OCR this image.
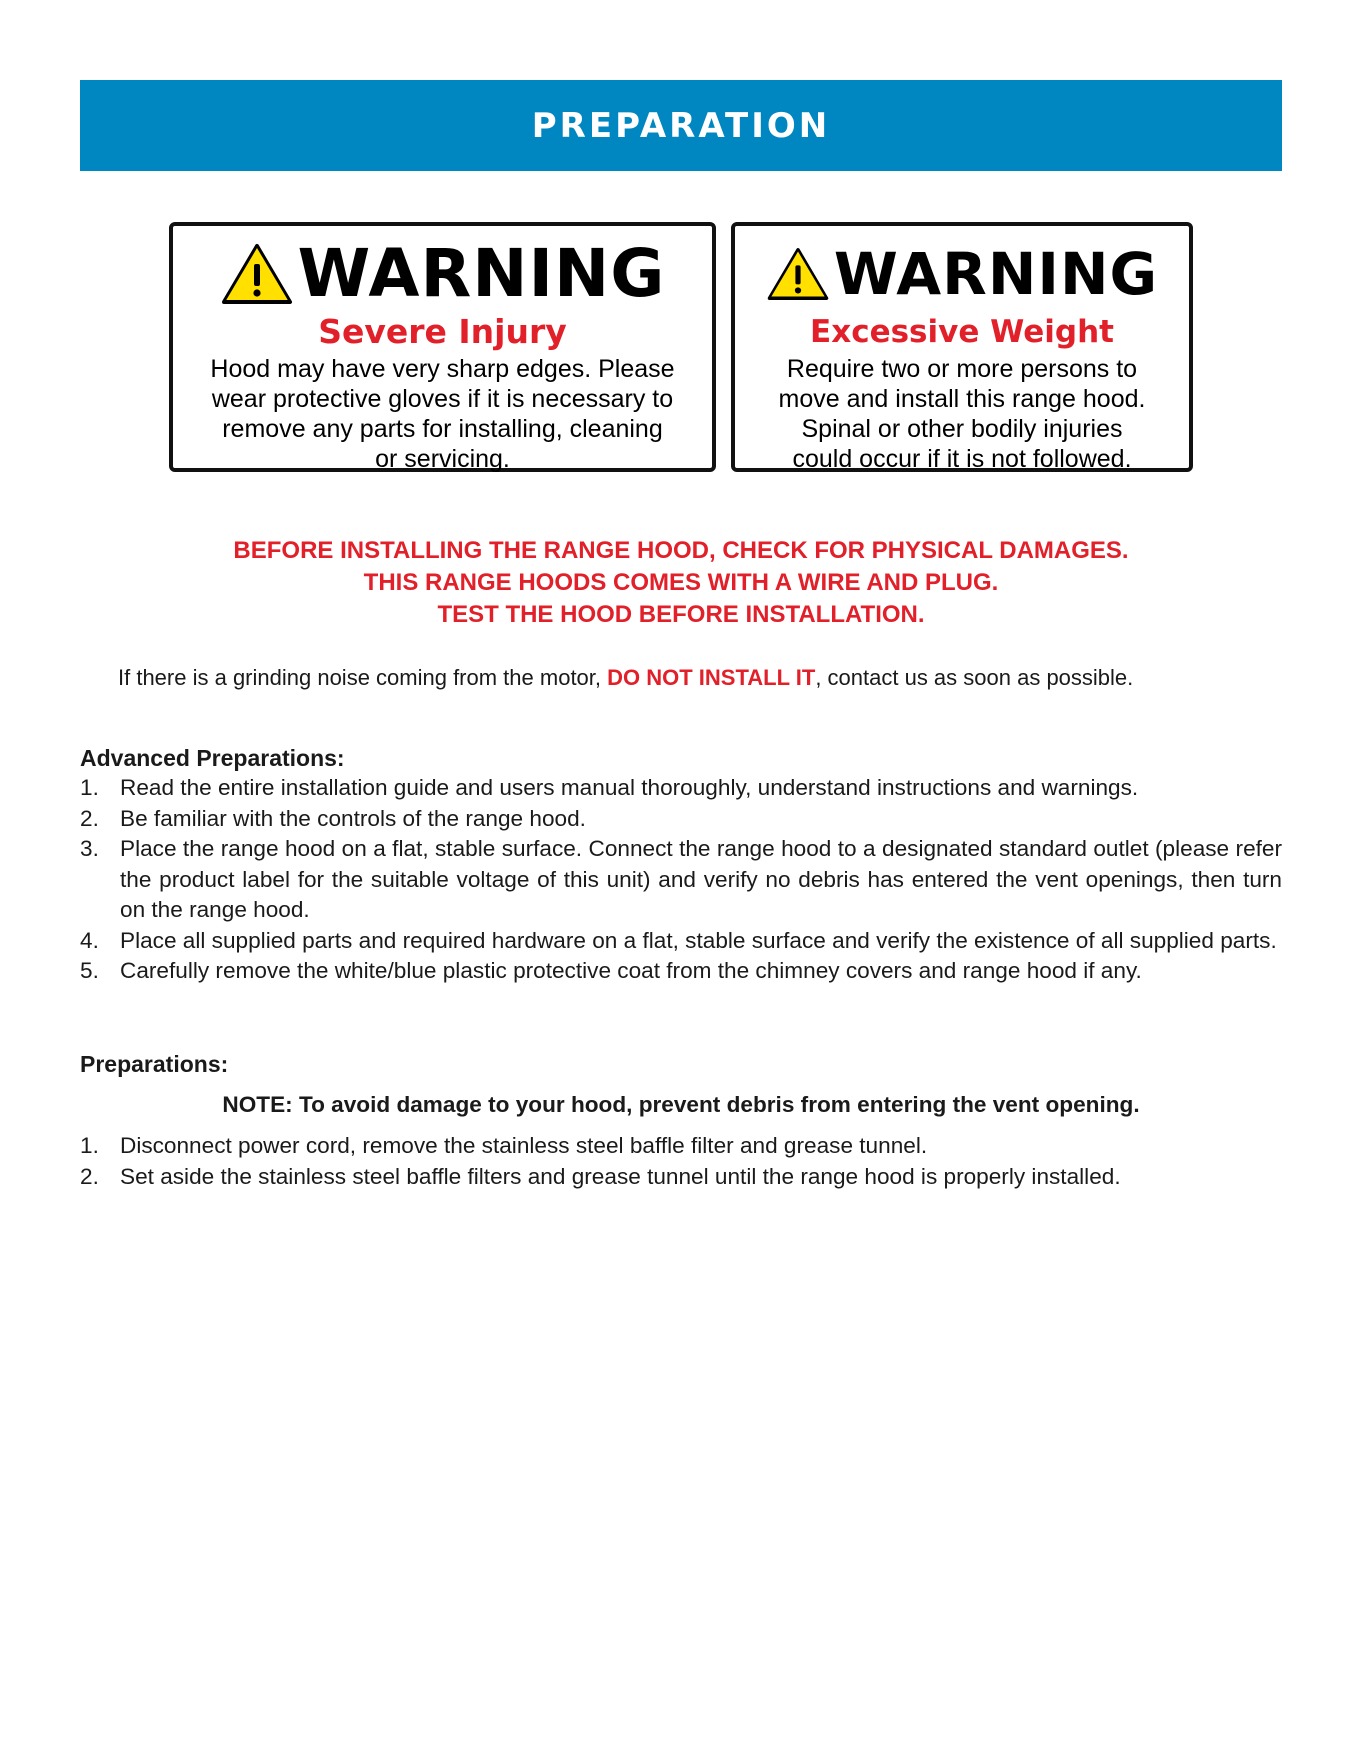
PREPARATION
WARNING
Severe Injury
Hood may have very sharp edges. Please
wear protective gloves if it is necessary to
remove any parts for installing, cleaning
or servicing.
WARNING
Excessive Weight
Require two or more persons to
move and install this range hood.
Spinal or other bodily injuries
could occur if it is not followed.
BEFORE INSTALLING THE RANGE HOOD, CHECK FOR PHYSICAL DAMAGES.
THIS RANGE HOODS COMES WITH A WIRE AND PLUG.
TEST THE HOOD BEFORE INSTALLATION.
If there is a grinding noise coming from the motor, DO NOT INSTALL IT, contact us as soon as possible.
Advanced Preparations:
1. Read the entire installation guide and users manual thoroughly, understand instructions and warnings.
2. Be familiar with the controls of the range hood.
3. Place the range hood on a flat, stable surface. Connect the range hood to a designated standard outlet (please refer the product label for the suitable voltage of this unit) and verify no debris has entered the vent openings, then turn on the range hood.
4. Place all supplied parts and required hardware on a flat, stable surface and verify the existence of all supplied parts.
5. Carefully remove the white/blue plastic protective coat from the chimney covers and range hood if any.
Preparations:
NOTE: To avoid damage to your hood, prevent debris from entering the vent opening.
1. Disconnect power cord, remove the stainless steel baffle filter and grease tunnel.
2. Set aside the stainless steel baffle filters and grease tunnel until the range hood is properly installed.
